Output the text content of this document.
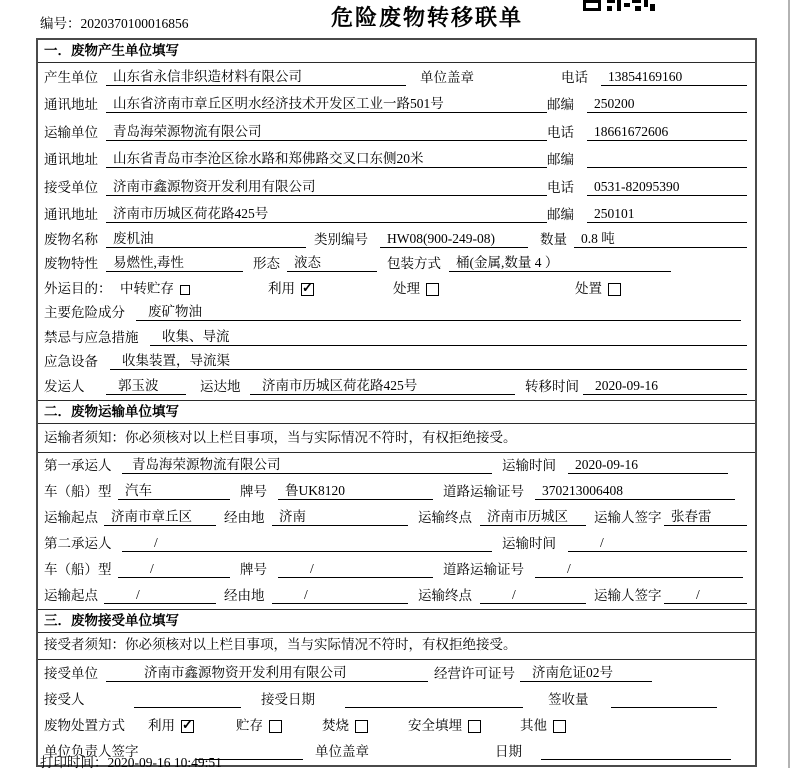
编号：2020370100016856	危险废物转移联单
一．废物产生单位填写
产生单位	山东省永信非织造材料有限公司	单位盖章	电话	13854169160
通讯地址	山东省济南市章丘区明水经济技术开发区工业一路501号	邮编	250200
运输单位	青岛海荣源物流有限公司	电话	18661672606
通讯地址	山东省青岛市李沧区徐水路和郑佛路交叉口东侧20米	邮编
接受单位	济南市鑫源物资开发利用有限公司	电话	0531-82095390
通讯地址	济南市历城区荷花路425号	邮编	250101
废物名称	废机油	类别编号	HW08(900-249-08)	数量	0.8 吨
废物特性	易燃性,毒性	形态	液态	包装方式	桶(金属,数量 4 ）
外运目的： 中转贮存	利用 ✓	处理	处置
主要危险成分	废矿物油
禁忌与应急措施	收集、导流
应急设备	收集装置，导流渠
发运人	郭玉波	运达地	济南市历城区荷花路425号	转移时间	2020-09-16
二．废物运输单位填写
运输者须知：你必须核对以上栏目事项，当与实际情况不符时，有权拒绝接受。
第一承运人	青岛海荣源物流有限公司	运输时间	2020-09-16
车（船）型	汽车	牌号	鲁UK8120	道路运输证号	370213006408
运输起点 济南市章丘区	经由地	济南	运输终点	济南市历城区	运输人签字 张春雷
第二承运人	/	运输时间	/
车（船）型	/	牌号	/	道路运输证号	/
运输起点	/	经由地	/	运输终点	/	运输人签字	/
三．废物接受单位填写
接受者须知：你必须核对以上栏目事项，当与实际情况不符时，有权拒绝接受。
接受单位	济南市鑫源物资开发利用有限公司	经营许可证号	济南危证02号
接受人	接受日期	签收量
废物处置方式	利用 ✓	贮存	焚烧	安全填埋	其他
单位负责人签字	单位盖章	日期
打印时间：2020-09-16 10:49:51
